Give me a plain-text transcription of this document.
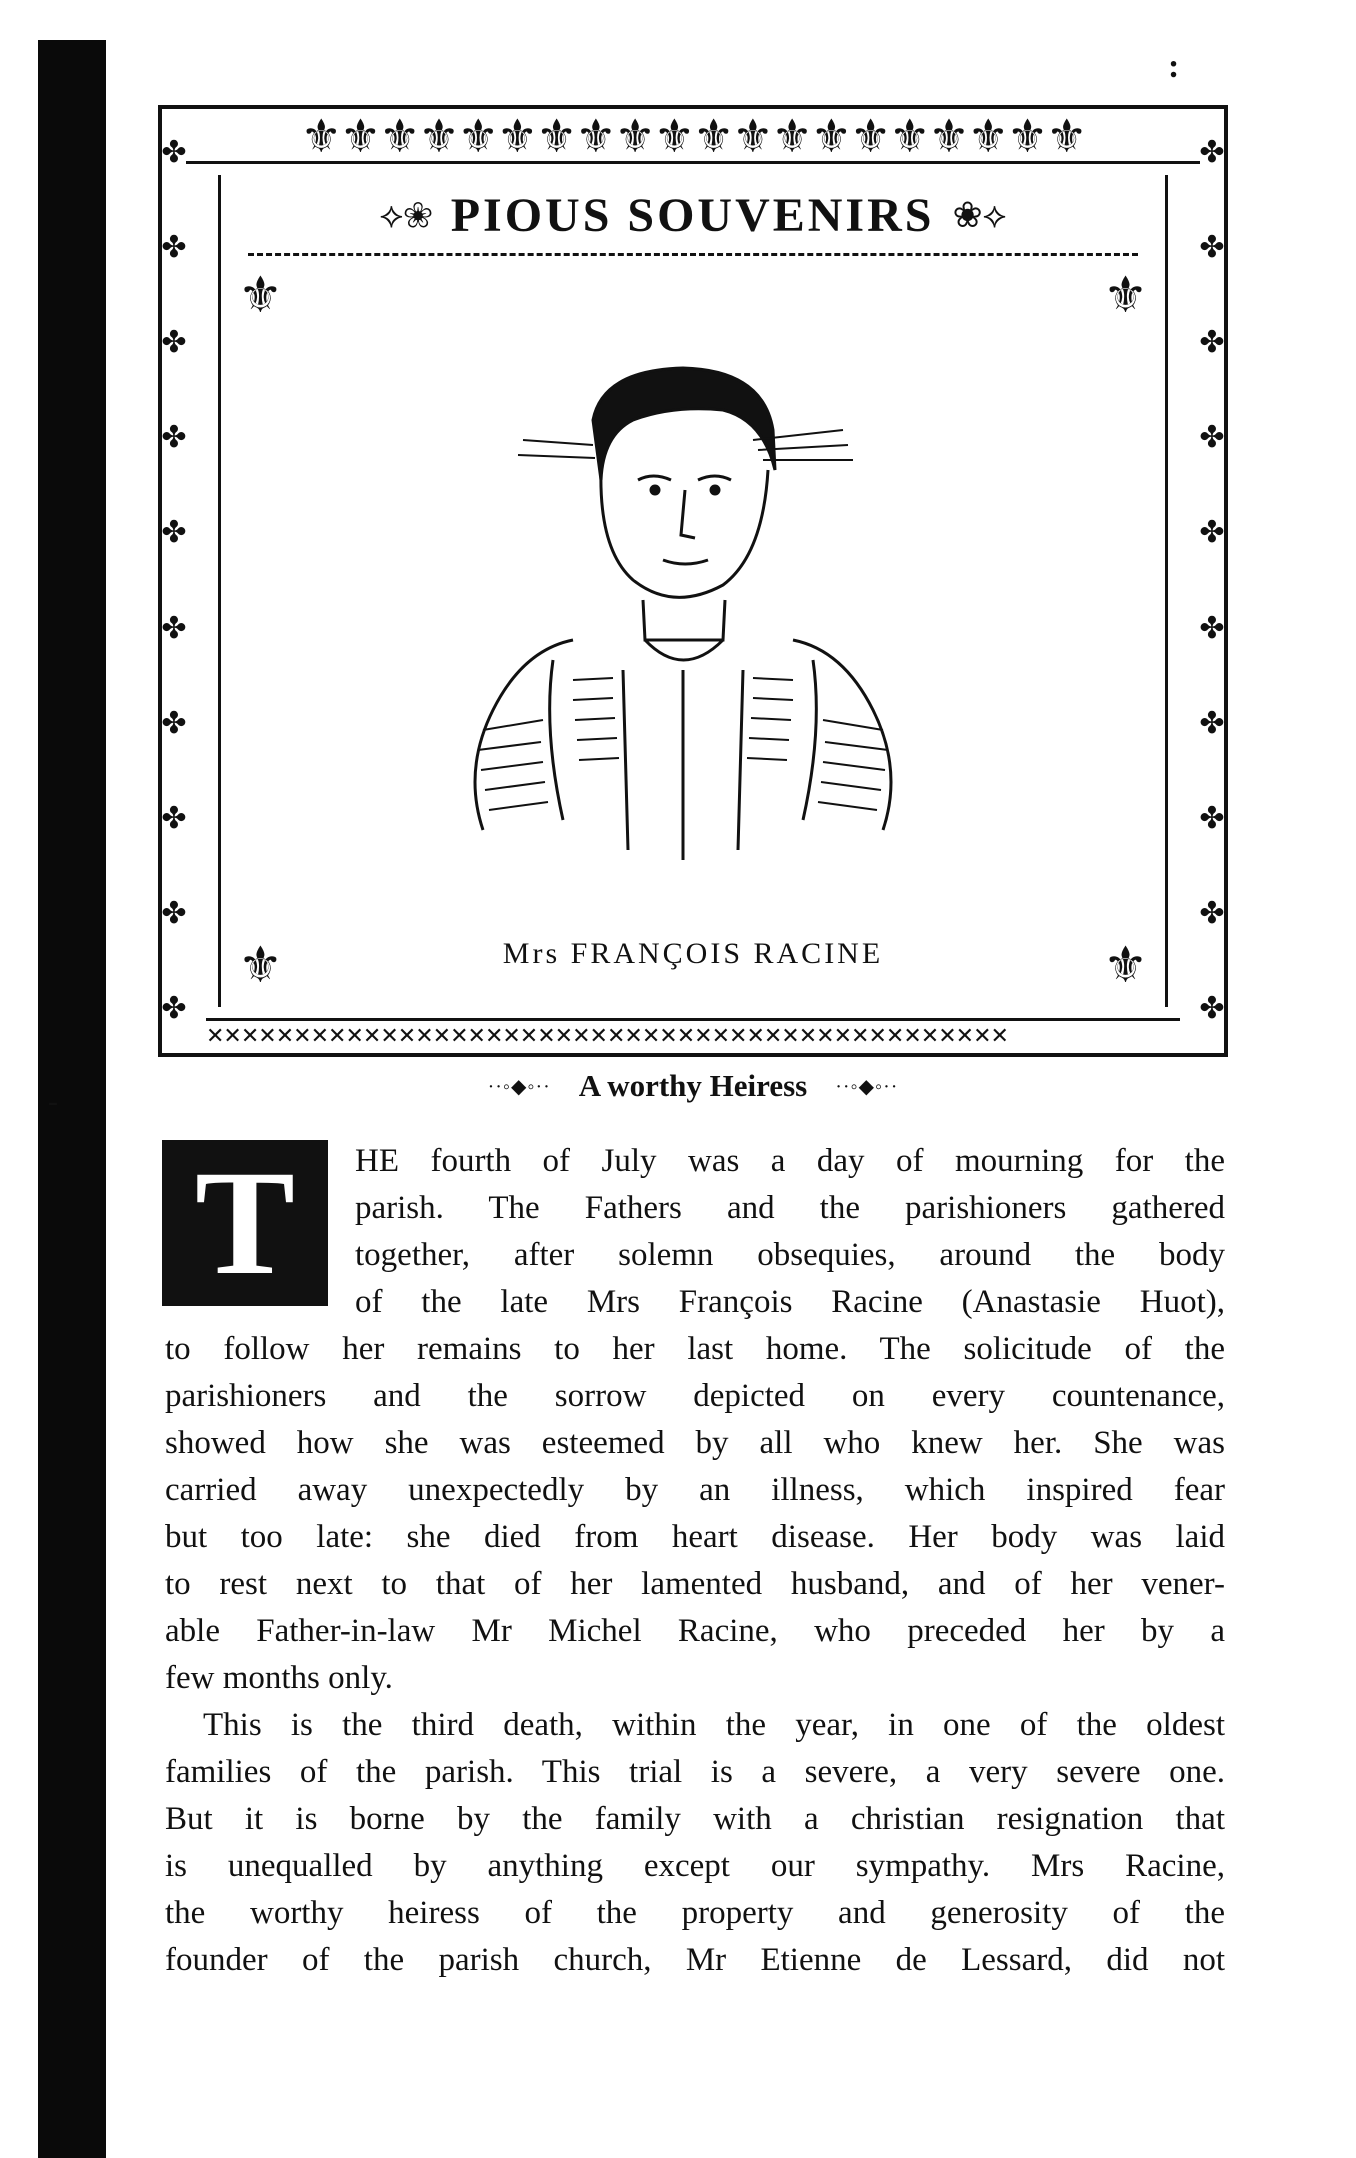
:
-
⚜⚜⚜⚜⚜⚜⚜⚜⚜⚜⚜⚜⚜⚜⚜⚜⚜⚜⚜⚜
✤
✤
✤
✤
✤
✤
✤
✤
✤
✤
✤
✤
✤
✤
✤
✤
✤
✤
✤
✤
✕✕✕✕✕✕✕✕✕✕✕✕✕✕✕✕✕✕✕✕✕✕✕✕✕✕✕✕✕✕✕✕✕✕✕✕✕✕✕✕✕✕✕✕✕✕
⟡❀ PIOUS SOUVENIRS ❀⟡
⚜	⚜
⚜	⚜
Mrs FRANÇOIS RACINE
··◦◆◦·· A worthy Heiress ··◦◆◦··
T	HE fourth of July was a day of mourning for the
parish. The Fathers and the parishioners gathered
together, after solemn obsequies, around the body
of the late Mrs François Racine (Anastasie Huot),
to follow her remains to her last home. The solicitude of the
parishioners and the sorrow depicted on every countenance,
showed how she was esteemed by all who knew her. She was
carried away unexpectedly by an illness, which inspired fear
but too late: she died from heart disease. Her body was laid
to rest next to that of her lamented husband, and of her vener-
able Father-in-law Mr Michel Racine, who preceded her by a
few months only.
This is the third death, within the year, in one of the oldest
families of the parish. This trial is a severe, a very severe one.
But it is borne by the family with a christian resignation that
is unequalled by anything except our sympathy. Mrs Racine,
the worthy heiress of the property and generosity of the
founder of the parish church, Mr Etienne de Lessard, did not
